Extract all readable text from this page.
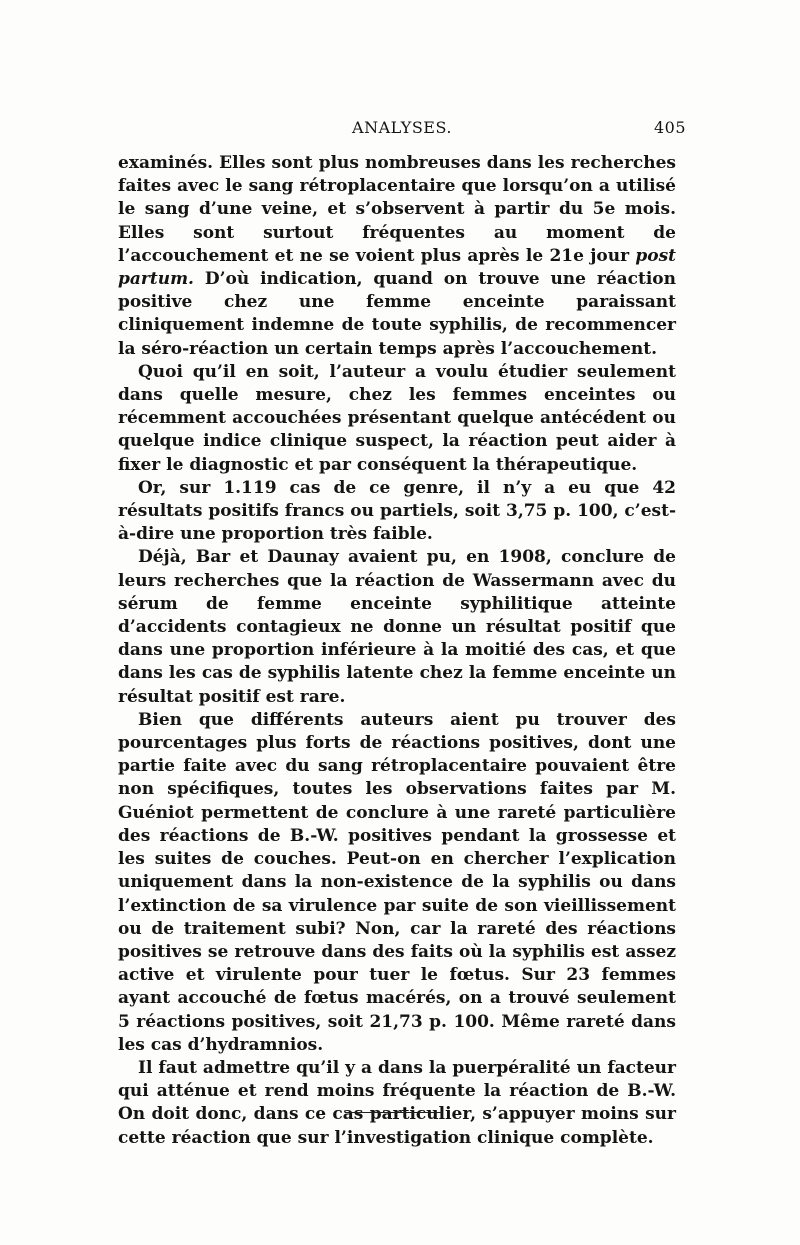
ANALYSES.	405

examinés. Elles sont plus nombreuses dans les recherches faites avec le sang rétroplacentaire que lorsqu’on a utilisé le sang d’une veine, et s’observent à partir du 5e mois. Elles sont surtout fréquentes au moment de l’accouchement et ne se voient plus après le 21e jour post partum. D’où indication, quand on trouve une réaction positive chez une femme enceinte paraissant cliniquement indemne de toute syphilis, de recommencer la séro-réaction un certain temps après l’accouchement.

Quoi qu’il en soit, l’auteur a voulu étudier seulement dans quelle mesure, chez les femmes enceintes ou récemment accouchées présentant quelque antécédent ou quelque indice clinique suspect, la réaction peut aider à fixer le diagnostic et par conséquent la thérapeutique.

Or, sur 1.119 cas de ce genre, il n’y a eu que 42 résultats positifs francs ou partiels, soit 3,75 p. 100, c’est-à-dire une proportion très faible.

Déjà, Bar et Daunay avaient pu, en 1908, conclure de leurs recherches que la réaction de Wassermann avec du sérum de femme enceinte syphilitique atteinte d’accidents contagieux ne donne un résultat positif que dans une proportion inférieure à la moitié des cas, et que dans les cas de syphilis latente chez la femme enceinte un résultat positif est rare.

Bien que différents auteurs aient pu trouver des pourcentages plus forts de réactions positives, dont une partie faite avec du sang rétroplacentaire pouvaient être non spécifiques, toutes les observations faites par M. Guéniot permettent de conclure à une rareté particulière des réactions de B.-W. positives pendant la grossesse et les suites de couches. Peut-on en chercher l’explication uniquement dans la non-existence de la syphilis ou dans l’extinction de sa virulence par suite de son vieillissement ou de traitement subi? Non, car la rareté des réactions positives se retrouve dans des faits où la syphilis est assez active et virulente pour tuer le fœtus. Sur 23 femmes ayant accouché de fœtus macérés, on a trouvé seulement 5 réactions positives, soit 21,73 p. 100. Même rareté dans les cas d’hydramnios.

Il faut admettre qu’il y a dans la puerpéralité un facteur qui atténue et rend moins fréquente la réaction de B.-W. On doit donc, dans ce cas particulier, s’appuyer moins sur cette réaction que sur l’investigation clinique complète.
